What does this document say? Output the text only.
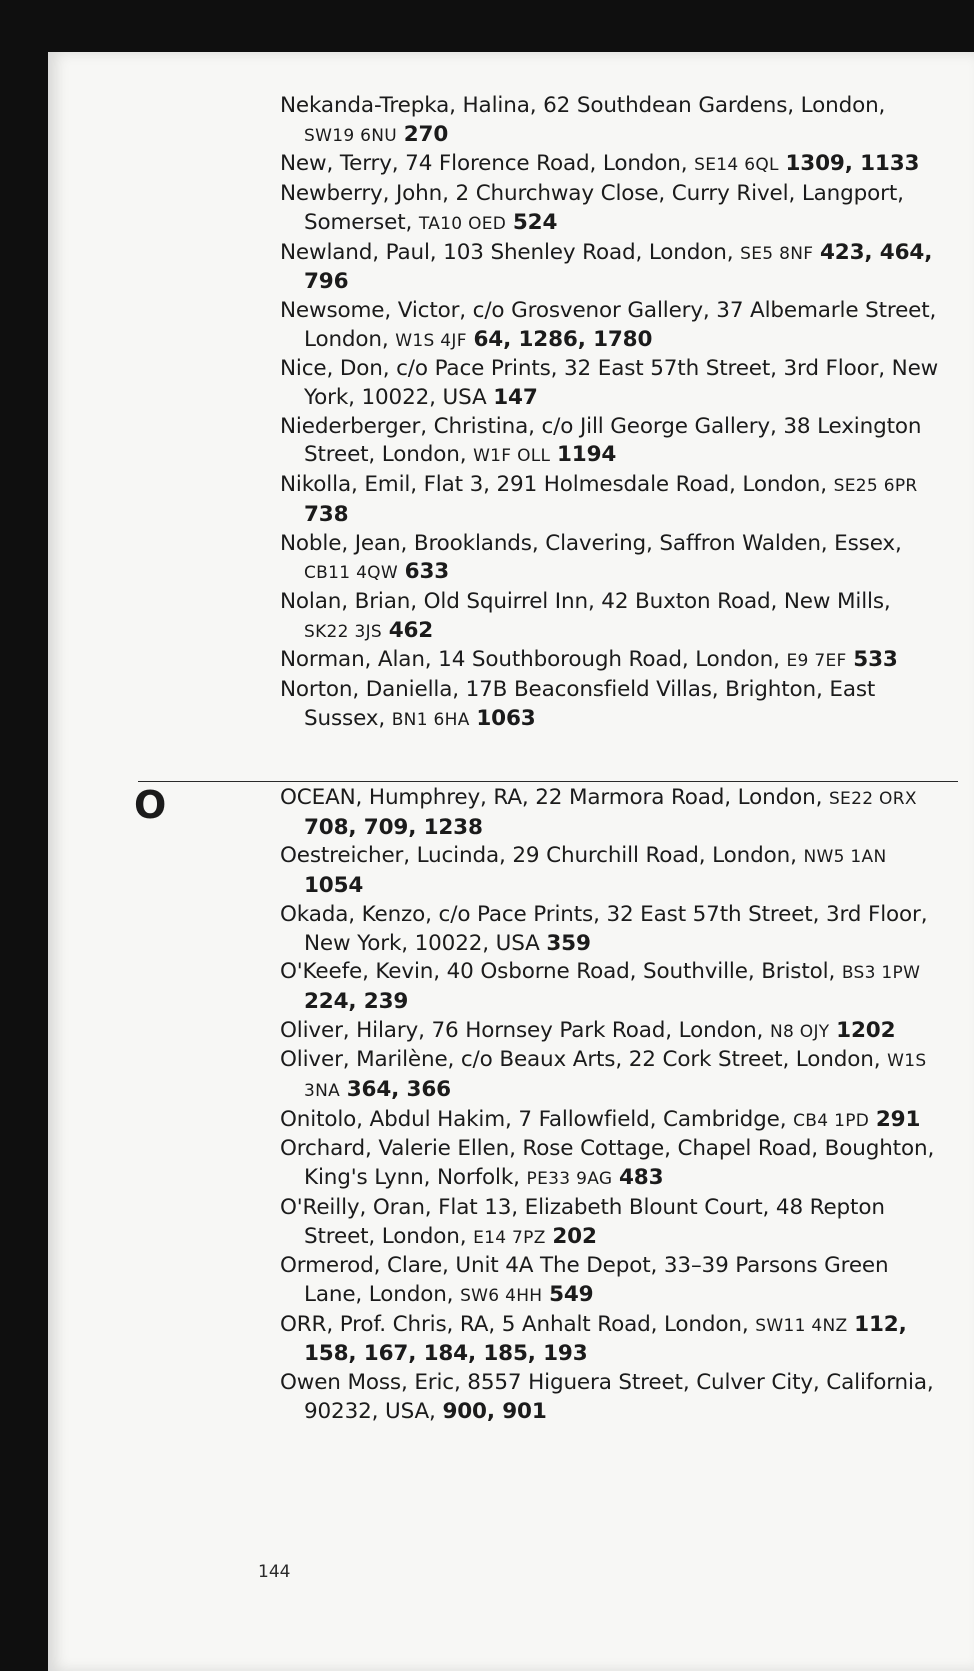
Nekanda-Trepka, Halina, 62 Southdean Gardens, London, SW19 6NU 270
New, Terry, 74 Florence Road, London, SE14 6QL 1309, 1133
Newberry, John, 2 Churchway Close, Curry Rivel, Langport, Somerset, TA10 OED 524
Newland, Paul, 103 Shenley Road, London, SE5 8NF 423, 464, 796
Newsome, Victor, c/o Grosvenor Gallery, 37 Albemarle Street, London, W1S 4JF 64, 1286, 1780
Nice, Don, c/o Pace Prints, 32 East 57th Street, 3rd Floor, New York, 10022, USA 147
Niederberger, Christina, c/o Jill George Gallery, 38 Lexington Street, London, W1F OLL 1194
Nikolla, Emil, Flat 3, 291 Holmesdale Road, London, SE25 6PR 738
Noble, Jean, Brooklands, Clavering, Saffron Walden, Essex, CB11 4QW 633
Nolan, Brian, Old Squirrel Inn, 42 Buxton Road, New Mills, SK22 3JS 462
Norman, Alan, 14 Southborough Road, London, E9 7EF 533
Norton, Daniella, 17B Beaconsfield Villas, Brighton, East Sussex, BN1 6HA 1063
O	OCEAN, Humphrey, RA, 22 Marmora Road, London, SE22 ORX 708, 709, 1238
Oestreicher, Lucinda, 29 Churchill Road, London, NW5 1AN 1054
Okada, Kenzo, c/o Pace Prints, 32 East 57th Street, 3rd Floor, New York, 10022, USA 359
O'Keefe, Kevin, 40 Osborne Road, Southville, Bristol, BS3 1PW 224, 239
Oliver, Hilary, 76 Hornsey Park Road, London, N8 OJY 1202
Oliver, Marilène, c/o Beaux Arts, 22 Cork Street, London, W1S 3NA 364, 366
Onitolo, Abdul Hakim, 7 Fallowfield, Cambridge, CB4 1PD 291
Orchard, Valerie Ellen, Rose Cottage, Chapel Road, Boughton, King's Lynn, Norfolk, PE33 9AG 483
O'Reilly, Oran, Flat 13, Elizabeth Blount Court, 48 Repton Street, London, E14 7PZ 202
Ormerod, Clare, Unit 4A The Depot, 33–39 Parsons Green Lane, London, SW6 4HH 549
ORR, Prof. Chris, RA, 5 Anhalt Road, London, SW11 4NZ 112, 158, 167, 184, 185, 193
Owen Moss, Eric, 8557 Higuera Street, Culver City, California, 90232, USA, 900, 901
144
